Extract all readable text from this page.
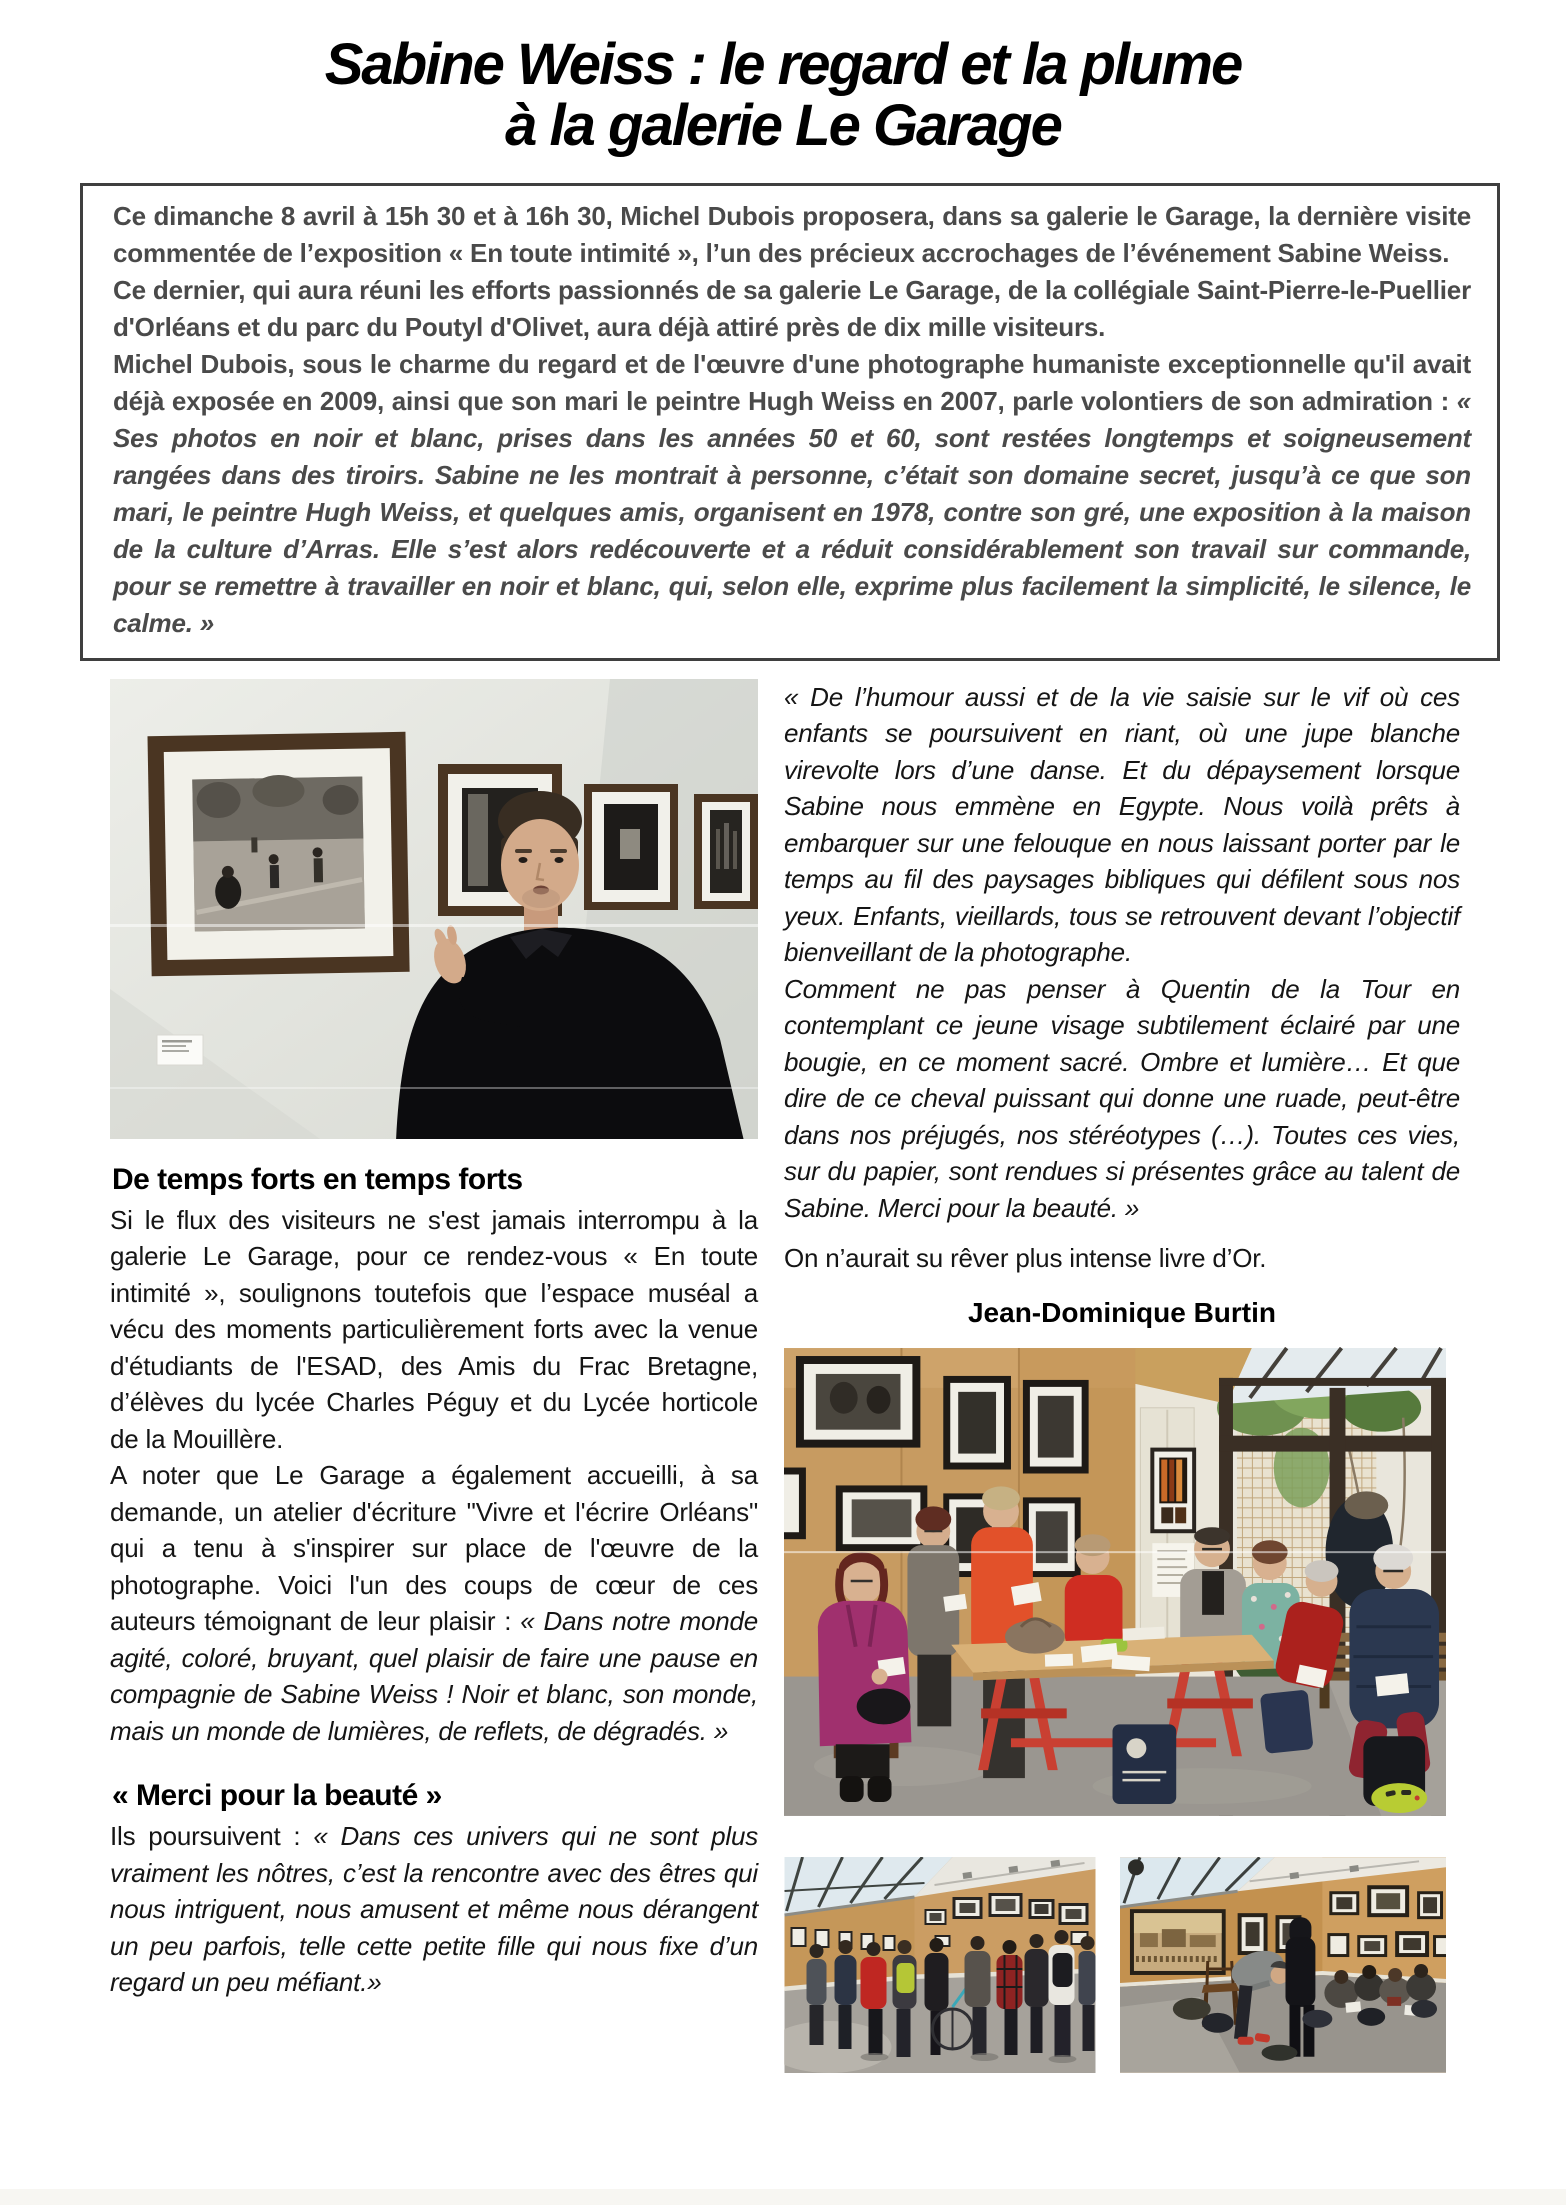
Sabine Weiss : le regard et la plume
à la galerie Le Garage

Ce dimanche 8 avril à 15h 30 et à 16h 30, Michel Dubois proposera, dans sa galerie le Garage, la dernière visite commentée de l’exposition « En toute intimité », l’un des précieux accrochages de l’événement Sabine Weiss.

Ce dernier, qui aura réuni les efforts passionnés de sa galerie Le Garage, de la collégiale Saint-Pierre-le-Puellier d'Orléans et du parc du Poutyl d'Olivet, aura déjà attiré près de dix mille visiteurs.

Michel Dubois, sous le charme du regard et de l'œuvre d'une photographe humaniste exceptionnelle qu'il avait déjà exposée en 2009, ainsi que son mari le peintre Hugh Weiss en 2007, parle volontiers de son admiration : « Ses photos en noir et blanc, prises dans les années 50 et 60, sont restées longtemps et soigneusement rangées dans des tiroirs. Sabine ne les montrait à personne, c’était son domaine secret, jusqu’à ce que son mari, le peintre Hugh Weiss, et quelques amis, organisent en 1978, contre son gré, une exposition à la maison de la culture d’Arras. Elle s’est alors redécouverte et a réduit considérablement son travail sur commande, pour se remettre à travailler en noir et blanc, qui, selon elle, exprime plus facilement la simplicité, le silence, le calme. »

De temps forts en temps forts

Si le flux des visiteurs ne s'est jamais interrompu à la galerie Le Garage, pour ce rendez-vous « En toute intimité », soulignons toutefois que l’espace muséal a vécu des moments particulièrement forts avec la venue d'étudiants de l'ESAD, des Amis du Frac Bretagne, d’élèves du lycée Charles Péguy et du Lycée horticole de la Mouillère.

A noter que Le Garage a également accueilli, à sa demande, un atelier d'écriture "Vivre et l'écrire Orléans" qui a tenu à s'inspirer sur place de l'œuvre de la photographe. Voici l'un des coups de cœur de ces auteurs témoignant de leur plaisir : « Dans notre monde agité, coloré, bruyant, quel plaisir de faire une pause en compagnie de Sabine Weiss ! Noir et blanc, son monde, mais un monde de lumières, de reflets, de dégradés. »

« Merci pour la beauté »

Ils poursuivent : « Dans ces univers qui ne sont plus vraiment les nôtres, c’est la rencontre avec des êtres qui nous intriguent, nous amusent et même nous dérangent un peu parfois, telle cette petite fille qui nous fixe d’un regard un peu méfiant.»

« De l’humour aussi et de la vie saisie sur le vif où ces enfants se poursuivent en riant, où une jupe blanche virevolte lors d’une danse. Et du dépaysement lorsque Sabine nous emmène en Egypte. Nous voilà prêts à embarquer sur une felouque en nous laissant porter par le temps au fil des paysages bibliques qui défilent sous nos yeux. Enfants, vieillards, tous se retrouvent devant l’objectif bienveillant de la photographe.

Comment ne pas penser à Quentin de la Tour en contemplant ce jeune visage subtilement éclairé par une bougie, en ce moment sacré. Ombre et lumière… Et que dire de ce cheval puissant qui donne une ruade, peut-être dans nos préjugés, nos stéréotypes (…). Toutes ces vies, sur du papier, sont rendues si présentes grâce au talent de Sabine. Merci pour la beauté. »

On n’aurait su rêver plus intense livre d’Or.

Jean-Dominique Burtin
